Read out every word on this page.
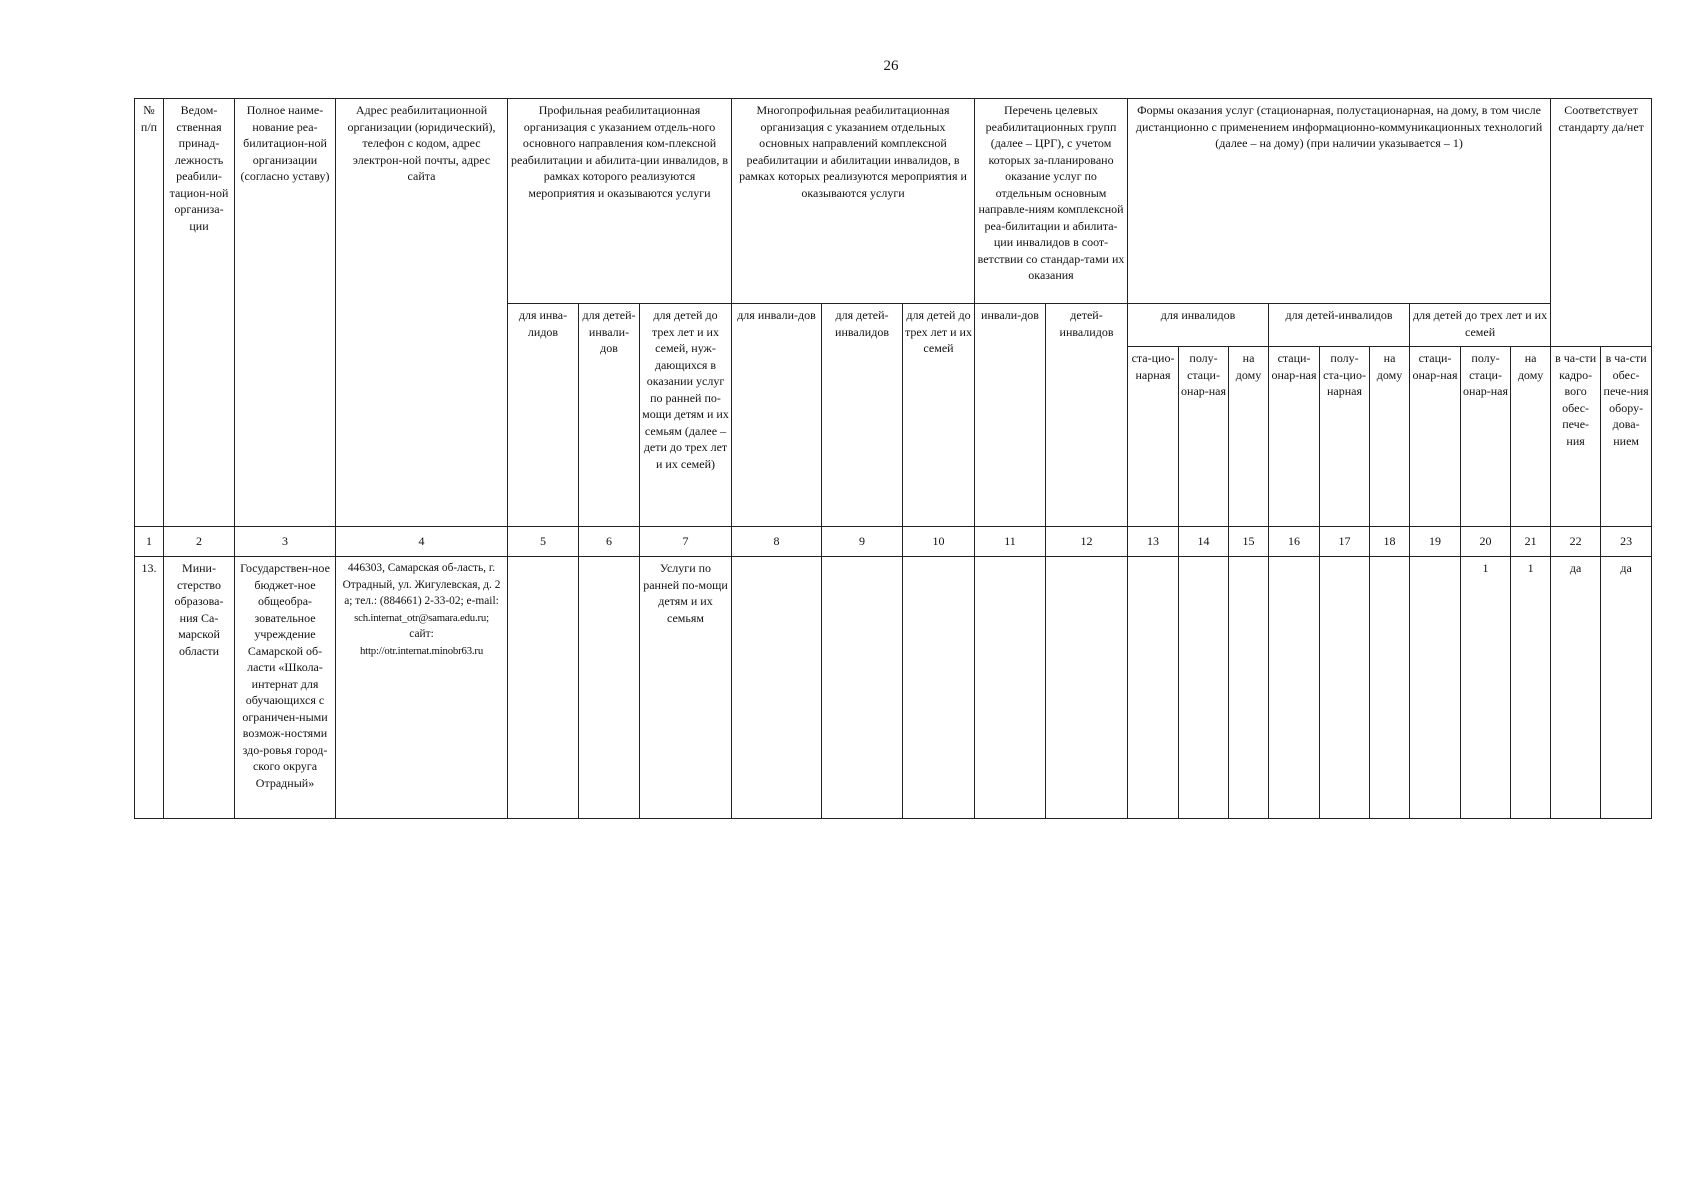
26
№ п/п	Ведом-ственная принад-лежность реабили-тацион-ной организа-ции	Полное наиме-нование реа-билитацион-ной организации (согласно уставу)	Адрес реабилитационной организации (юридический), телефон с кодом, адрес электрон-ной почты, адрес сайта	Профильная реабилитационная организация с указанием отдель-ного основного направления ком-плексной реабилитации и абилита-ции инвалидов, в рамках которого реализуются мероприятия и оказываются услуги			Многопрофильная реабилитационная организация с указанием отдельных основных направлений комплексной реабилитации и абилитации инвалидов, в рамках которых реализуются мероприятия и оказываются услуги			Перечень целевых реабилитационных групп (далее – ЦРГ), с учетом которых за-планировано оказание услуг по отдельным основным направле-ниям комплексной реа-билитации и абилита-ции инвалидов в соот-ветствии со стандар-тами их оказания		Формы оказания услуг (стационарная, полустационарная, на дому, в том числе дистанционно с применением информационно-коммуникационных технологий (далее – на дому) (при наличии указывается – 1)									Соответствует стандарту да/нет	
				для инва-лидов	для детей-инвали-дов	для детей до трех лет и их семей, нуж-дающихся в оказании услуг по ранней по-мощи детям и их семьям (далее – дети до трех лет и их семей)	для инвали-дов	для детей-инвалидов	для детей до трех лет и их семей	инвали-дов	детей-инвалидов	для инвалидов			для детей-инвалидов			для детей до трех лет и их семей				
												ста-цио-нарная	полу-стаци-онар-ная	на дому	стаци-онар-ная	полу-ста-цио-нарная	на дому	стаци-онар-ная	полу-стаци-онар-ная	на дому	в ча-сти кадро-вого обес-пече-ния	в ча-сти обес-пече-ния обору-дова-нием
1	2	3	4	5	6	7	8	9	10	11	12	13	14	15	16	17	18	19	20	21	22	23
13.	Мини-стерство образова-ния Са-марской области	Государствен-ное бюджет-ное общеобра-зовательное учреждение Самарской об-ласти «Школа-интернат для обучающихся с ограничен-ными возмож-ностями здо-ровья город-ского округа Отрадный»	446303, Самарская об-ласть, г. Отрадный, ул. Жигулевская, д. 2 а; тел.: (884661) 2-33-02; e-mail:
sch.internat_otr@samara.edu.ru;
сайт:
http://otr.internat.minobr63.ru			Услуги по ранней по-мощи детям и их семьям													1	1	да	да
